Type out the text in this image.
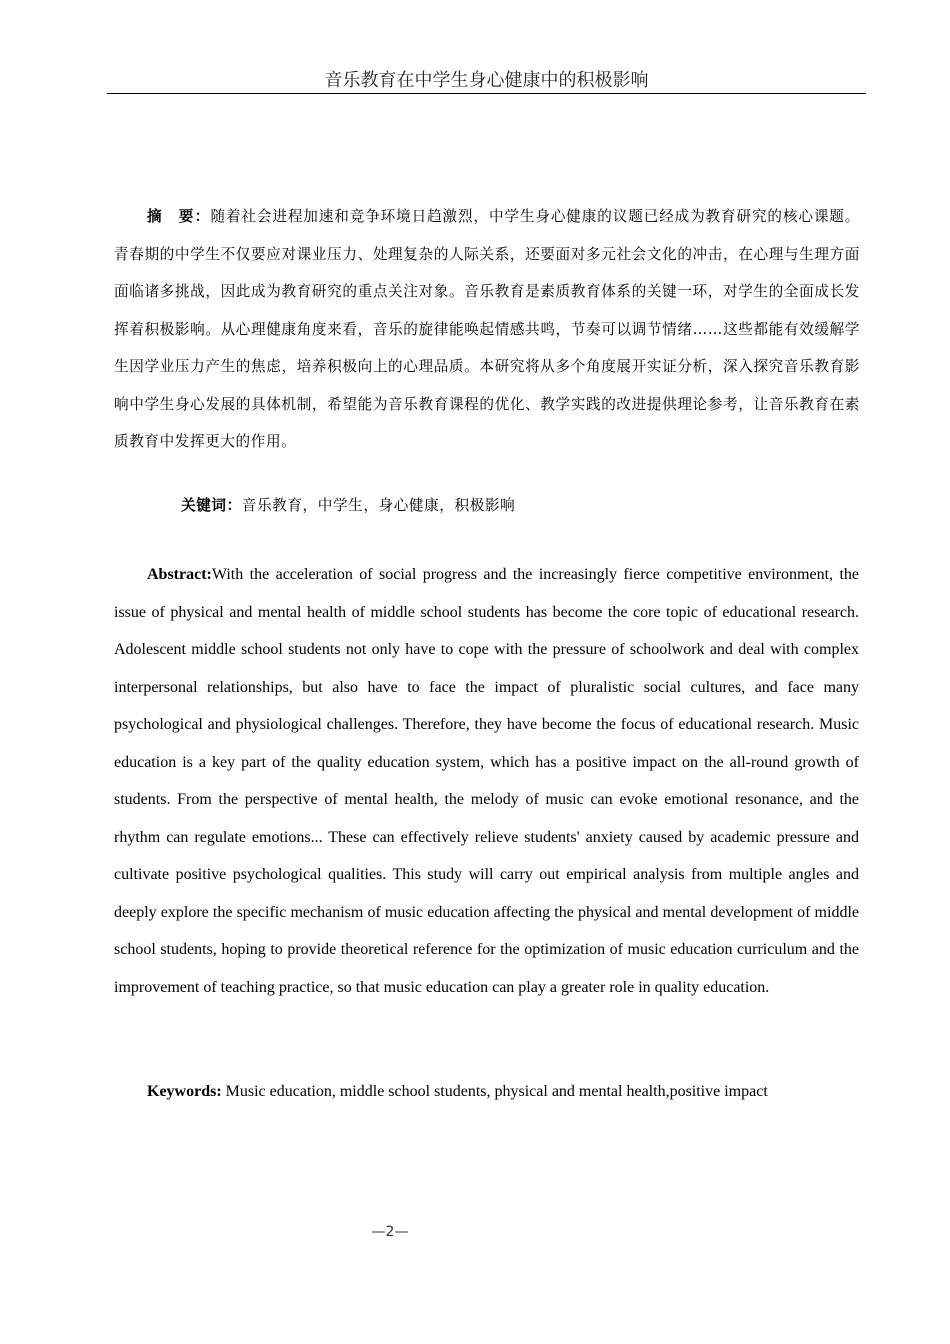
音乐教育在中学生身心健康中的积极影响

摘　要：随着社会进程加速和竞争环境日趋激烈，中学生身心健康的议题已经成为教育研究的核心课题。青春期的中学生不仅要应对课业压力、处理复杂的人际关系，还要面对多元社会文化的冲击，在心理与生理方面面临诸多挑战，因此成为教育研究的重点关注对象。音乐教育是素质教育体系的关键一环，对学生的全面成长发挥着积极影响。从心理健康角度来看，音乐的旋律能唤起情感共鸣，节奏可以调节情绪……这些都能有效缓解学生因学业压力产生的焦虑，培养积极向上的心理品质。本研究将从多个角度展开实证分析，深入探究音乐教育影响中学生身心发展的具体机制，希望能为音乐教育课程的优化、教学实践的改进提供理论参考，让音乐教育在素质教育中发挥更大的作用。

关键词：音乐教育，中学生，身心健康，积极影响

Abstract:With the acceleration of social progress and the increasingly fierce competitive environment, the issue of physical and mental health of middle school students has become the core topic of educational research. Adolescent middle school students not only have to cope with the pressure of schoolwork and deal with complex interpersonal relationships, but also have to face the impact of pluralistic social cultures, and face many psychological and physiological challenges. Therefore, they have become the focus of educational research. Music education is a key part of the quality education system, which has a positive impact on the all-round growth of students. From the perspective of mental health, the melody of music can evoke emotional resonance, and the rhythm can regulate emotions... These can effectively relieve students' anxiety caused by academic pressure and cultivate positive psychological qualities. This study will carry out empirical analysis from multiple angles and deeply explore the specific mechanism of music education affecting the physical and mental development of middle school students, hoping to provide theoretical reference for the optimization of music education curriculum and the improvement of teaching practice, so that music education can play a greater role in quality education.

Keywords: Music education, middle school students, physical and mental health,positive impact

—2—
